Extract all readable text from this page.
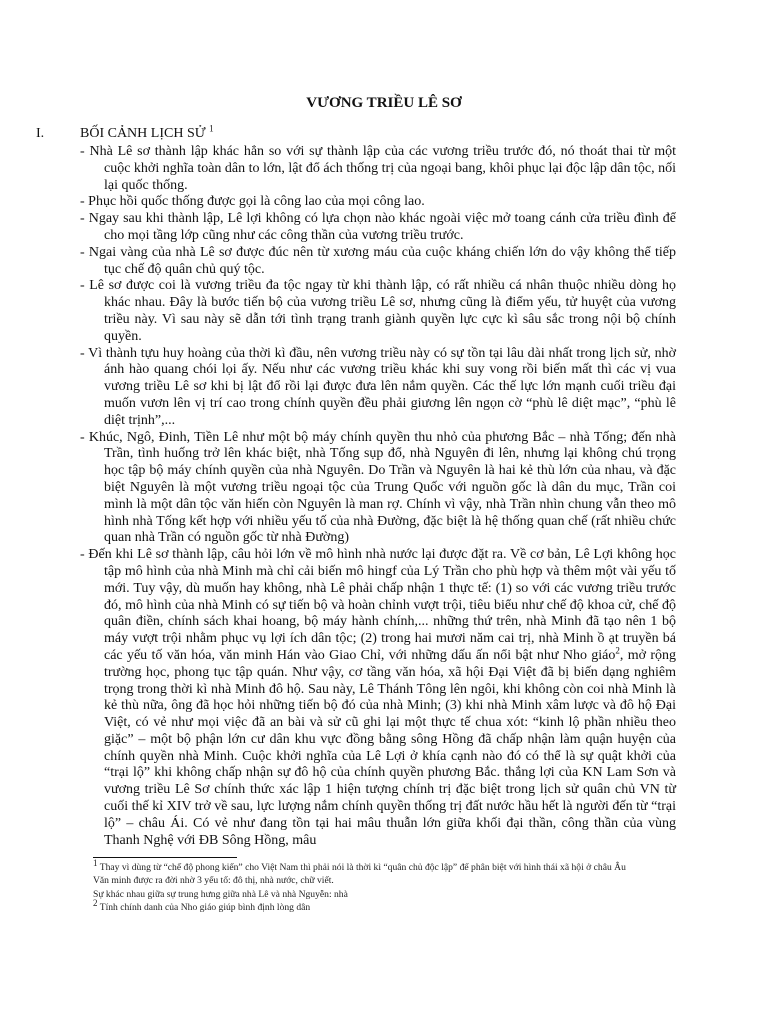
VƯƠNG TRIỀU LÊ SƠ
I.	BỐI CẢNH LỊCH SỬ $^1$

- Nhà Lê sơ thành lập khác hẳn so với sự thành lập của các vương triều trước đó, nó thoát thai từ một cuộc khởi nghĩa toàn dân to lớn, lật đổ ách thống trị của ngoại bang, khôi phục lại độc lập dân tộc, nối lại quốc thống.

- Phục hồi quốc thống được gọi là công lao của mọi công lao.

- Ngay sau khi thành lập, Lê lợi không có lựa chọn nào khác ngoài việc mở toang cánh cửa triều đình để cho mọi tầng lớp cũng như các công thần của vương triều trước.

- Ngai vàng của nhà Lê sơ được đúc nên từ xương máu của cuộc kháng chiến lớn do vậy không thể tiếp tục chế độ quân chủ quý tộc.

- Lê sơ được coi là vương triều đa tộc ngay từ khi thành lập, có rất nhiều cá nhân thuộc nhiều dòng họ khác nhau. Đây là bước tiến bộ của vương triều Lê sơ, nhưng cũng là điểm yếu, tử huyệt của vương triều này. Vì sau này sẽ dẫn tới tình trạng tranh giành quyền lực cực kì sâu sắc trong nội bộ chính quyền.

- Vì thành tựu huy hoàng của thời kì đầu, nên vương triều này có sự tồn tại lâu dài nhất trong lịch sử, nhờ ánh hào quang chói lọi ấy. Nếu như các vương triều khác khi suy vong rồi biến mất thì các vị vua vương triều Lê sơ khi bị lật đổ rồi lại được đưa lên nắm quyền. Các thế lực lớn mạnh cuối triều đại muốn vươn lên vị trí cao trong chính quyền đều phải giương lên ngọn cờ “phù lê diệt mạc”, “phù lê diệt trịnh”,...

- Khúc, Ngô, Đinh, Tiền Lê như một bộ máy chính quyền thu nhỏ của phương Bắc – nhà Tống; đến nhà Trần, tình huống trở lên khác biệt, nhà Tống sụp đổ, nhà Nguyên đi lên, nhưng lại không chú trọng học tập bộ máy chính quyền của nhà Nguyên. Do Trần và Nguyên là hai kẻ thù lớn của nhau, và đặc biệt Nguyên là một vương triều ngoại tộc của Trung Quốc với nguồn gốc là dân du mục, Trần coi mình là một dân tộc văn hiến còn Nguyên là man rợ. Chính vì vậy, nhà Trần nhìn chung vẫn theo mô hình nhà Tống kết hợp với nhiều yếu tố của nhà Đường, đặc biệt là hệ thống quan chế (rất nhiều chức quan nhà Trần có nguồn gốc từ nhà Đường)

- Đến khi Lê sơ thành lập, câu hỏi lớn về mô hình nhà nước lại được đặt ra. Về cơ bản, Lê Lợi không học tập mô hình của nhà Minh mà chỉ cải biến mô hingf của Lý Trần cho phù hợp và thêm một vài yếu tố mới. Tuy vậy, dù muốn hay không, nhà Lê phải chấp nhận 1 thực tế: (1) so với các vương triều trước đó, mô hình của nhà Minh có sự tiến bộ và hoàn chỉnh vượt trội, tiêu biểu như chế độ khoa cử, chế độ quân điền, chính sách khai hoang, bộ máy hành chính,... những thứ trên, nhà Minh đã tạo nên 1 bộ máy vượt trội nhằm phục vụ lợi ích dân tộc; (2) trong hai mươi năm cai trị, nhà Minh ồ ạt truyền bá các yếu tố văn hóa, văn minh Hán vào Giao Chỉ, với những dấu ấn nổi bật như Nho giáo$^2$, mở rộng trường học, phong tục tập quán. Như vậy, cơ tầng văn hóa, xã hội Đại Việt đã bị biến dạng nghiêm trọng trong thời kì nhà Minh đô hộ. Sau này, Lê Thánh Tông lên ngôi, khi không còn coi nhà Minh là kẻ thù nữa, ông đã học hỏi những tiến bộ đó của nhà Minh; (3) khi nhà Minh xâm lược và đô hộ Đại Việt, có vẻ như mọi việc đã an bài và sử cũ ghi lại một thực tế chua xót: “kinh lộ phần nhiều theo giặc” – một bộ phận lớn cư dân khu vực đồng bằng sông Hồng đã chấp nhận làm quận huyện của chính quyền nhà Minh. Cuộc khởi nghĩa của Lê Lợi ở khía cạnh nào đó có thể là sự quật khởi của “trại lộ” khi không chấp nhận sự đô hộ của chính quyền phương Bắc. thắng lợi của KN Lam Sơn và vương triều Lê Sơ chính thức xác lập 1 hiện tượng chính trị đặc biệt trong lịch sử quân chủ VN từ cuối thế kỉ XIV trở về sau, lực lượng nắm chính quyền thống trị đất nước hầu hết là người đến từ “trại lộ” – châu Ái. Có vẻ như đang tồn tại hai mâu thuẫn lớn giữa khối đại thần, công thần của vùng Thanh Nghệ với ĐB Sông Hồng, mâu

$^1$ Thay vì dùng từ “chế độ phong kiến” cho Việt Nam thì phải nói là thời kì “quân chủ độc lập” để phân biệt với hình thái xã hội ở châu Âu

Văn minh được ra đời nhờ 3 yếu tố: đô thị, nhà nước, chữ viết.

Sự khác nhau giữa sự trung hưng giữa nhà Lê và nhà Nguyễn: nhà

$^2$ Tính chính danh của Nho giáo giúp bình định lòng dân
